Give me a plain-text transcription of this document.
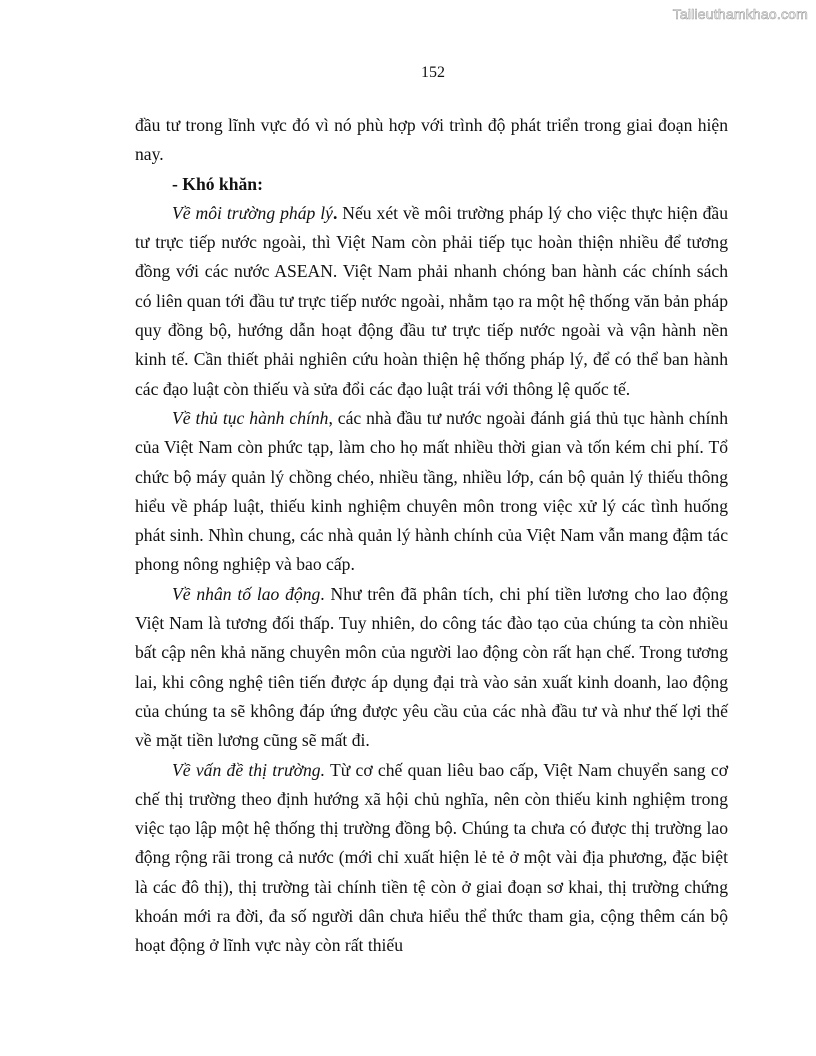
Tailieuthamkhao.com
152

đầu tư trong lĩnh vực đó vì nó phù hợp với trình độ phát triển trong giai đoạn hiện nay.

- Khó khăn:

Về môi trường pháp lý. Nếu xét về môi trường pháp lý cho việc thực hiện đầu tư trực tiếp nước ngoài, thì Việt Nam còn phải tiếp tục hoàn thiện nhiều để tương đồng với các nước ASEAN. Việt Nam phải nhanh chóng ban hành các chính sách có liên quan tới đầu tư trực tiếp nước ngoài, nhằm tạo ra một hệ thống văn bản pháp quy đồng bộ, hướng dẫn hoạt động đầu tư trực tiếp nước ngoài và vận hành nền kinh tế. Cần thiết phải nghiên cứu hoàn thiện hệ thống pháp lý, để có thể ban hành các đạo luật còn thiếu và sửa đổi các đạo luật trái với thông lệ quốc tế.

Về thủ tục hành chính, các nhà đầu tư nước ngoài đánh giá thủ tục hành chính của Việt Nam còn phức tạp, làm cho họ mất nhiều thời gian và tốn kém chi phí. Tổ chức bộ máy quản lý chồng chéo, nhiều tầng, nhiều lớp, cán bộ quản lý thiếu thông hiểu về pháp luật, thiếu kinh nghiệm chuyên môn trong việc xử lý các tình huống phát sinh. Nhìn chung, các nhà quản lý hành chính của Việt Nam vẫn mang đậm tác phong nông nghiệp và bao cấp.

Về nhân tố lao động. Như trên đã phân tích, chi phí tiền lương cho lao động Việt Nam là tương đối thấp. Tuy nhiên, do công tác đào tạo của chúng ta còn nhiều bất cập nên khả năng chuyên môn của người lao động còn rất hạn chế. Trong tương lai, khi công nghệ tiên tiến được áp dụng đại trà vào sản xuất kinh doanh, lao động của chúng ta sẽ không đáp ứng được yêu cầu của các nhà đầu tư và như thế lợi thế về mặt tiền lương cũng sẽ mất đi.

Về vấn đề thị trường. Từ cơ chế quan liêu bao cấp, Việt Nam chuyển sang cơ chế thị trường theo định hướng xã hội chủ nghĩa, nên còn thiếu kinh nghiệm trong việc tạo lập một hệ thống thị trường đồng bộ. Chúng ta chưa có được thị trường lao động rộng rãi trong cả nước (mới chỉ xuất hiện lẻ tẻ ở một vài địa phương, đặc biệt là các đô thị), thị trường tài chính tiền tệ còn ở giai đoạn sơ khai, thị trường chứng khoán mới ra đời, đa số người dân chưa hiểu thể thức tham gia, cộng thêm cán bộ hoạt động ở lĩnh vực này còn rất thiếu
